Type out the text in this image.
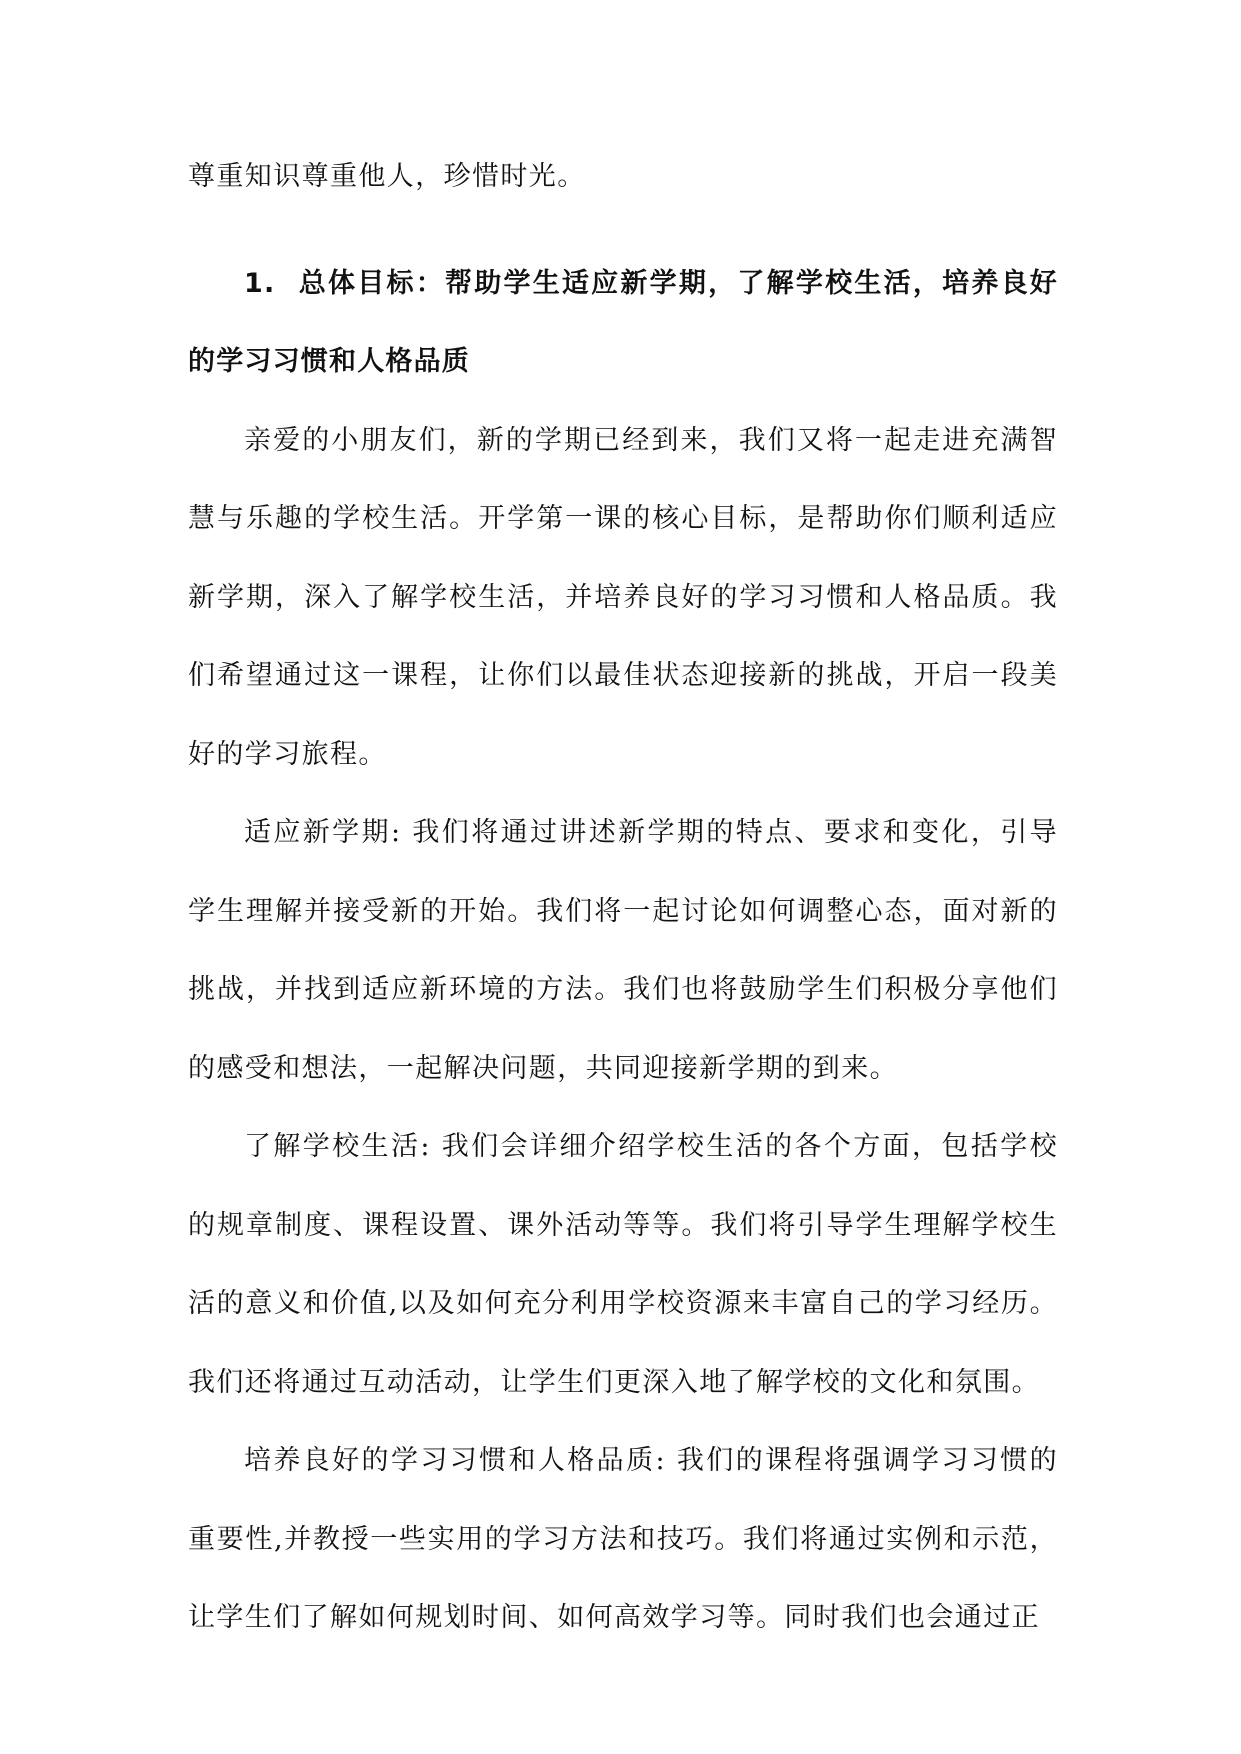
尊重知识尊重他人，珍惜时光。

1. 总体目标：帮助学生适应新学期，了解学校生活，培养良好的学习习惯和人格品质

亲爱的小朋友们，新的学期已经到来，我们又将一起走进充满智慧与乐趣的学校生活。开学第一课的核心目标，是帮助你们顺利适应新学期，深入了解学校生活，并培养良好的学习习惯和人格品质。我们希望通过这一课程，让你们以最佳状态迎接新的挑战，开启一段美好的学习旅程。

适应新学期: 我们将通过讲述新学期的特点、要求和变化，引导学生理解并接受新的开始。我们将一起讨论如何调整心态，面对新的挑战，并找到适应新环境的方法。我们也将鼓励学生们积极分享他们的感受和想法，一起解决问题，共同迎接新学期的到来。

了解学校生活: 我们会详细介绍学校生活的各个方面，包括学校的规章制度、课程设置、课外活动等等。我们将引导学生理解学校生活的意义和价值,以及如何充分利用学校资源来丰富自己的学习经历。我们还将通过互动活动，让学生们更深入地了解学校的文化和氛围。

培养良好的学习习惯和人格品质: 我们的课程将强调学习习惯的重要性,并教授一些实用的学习方法和技巧。我们将通过实例和示范，让学生们了解如何规划时间、如何高效学习等。同时我们也会通过正
